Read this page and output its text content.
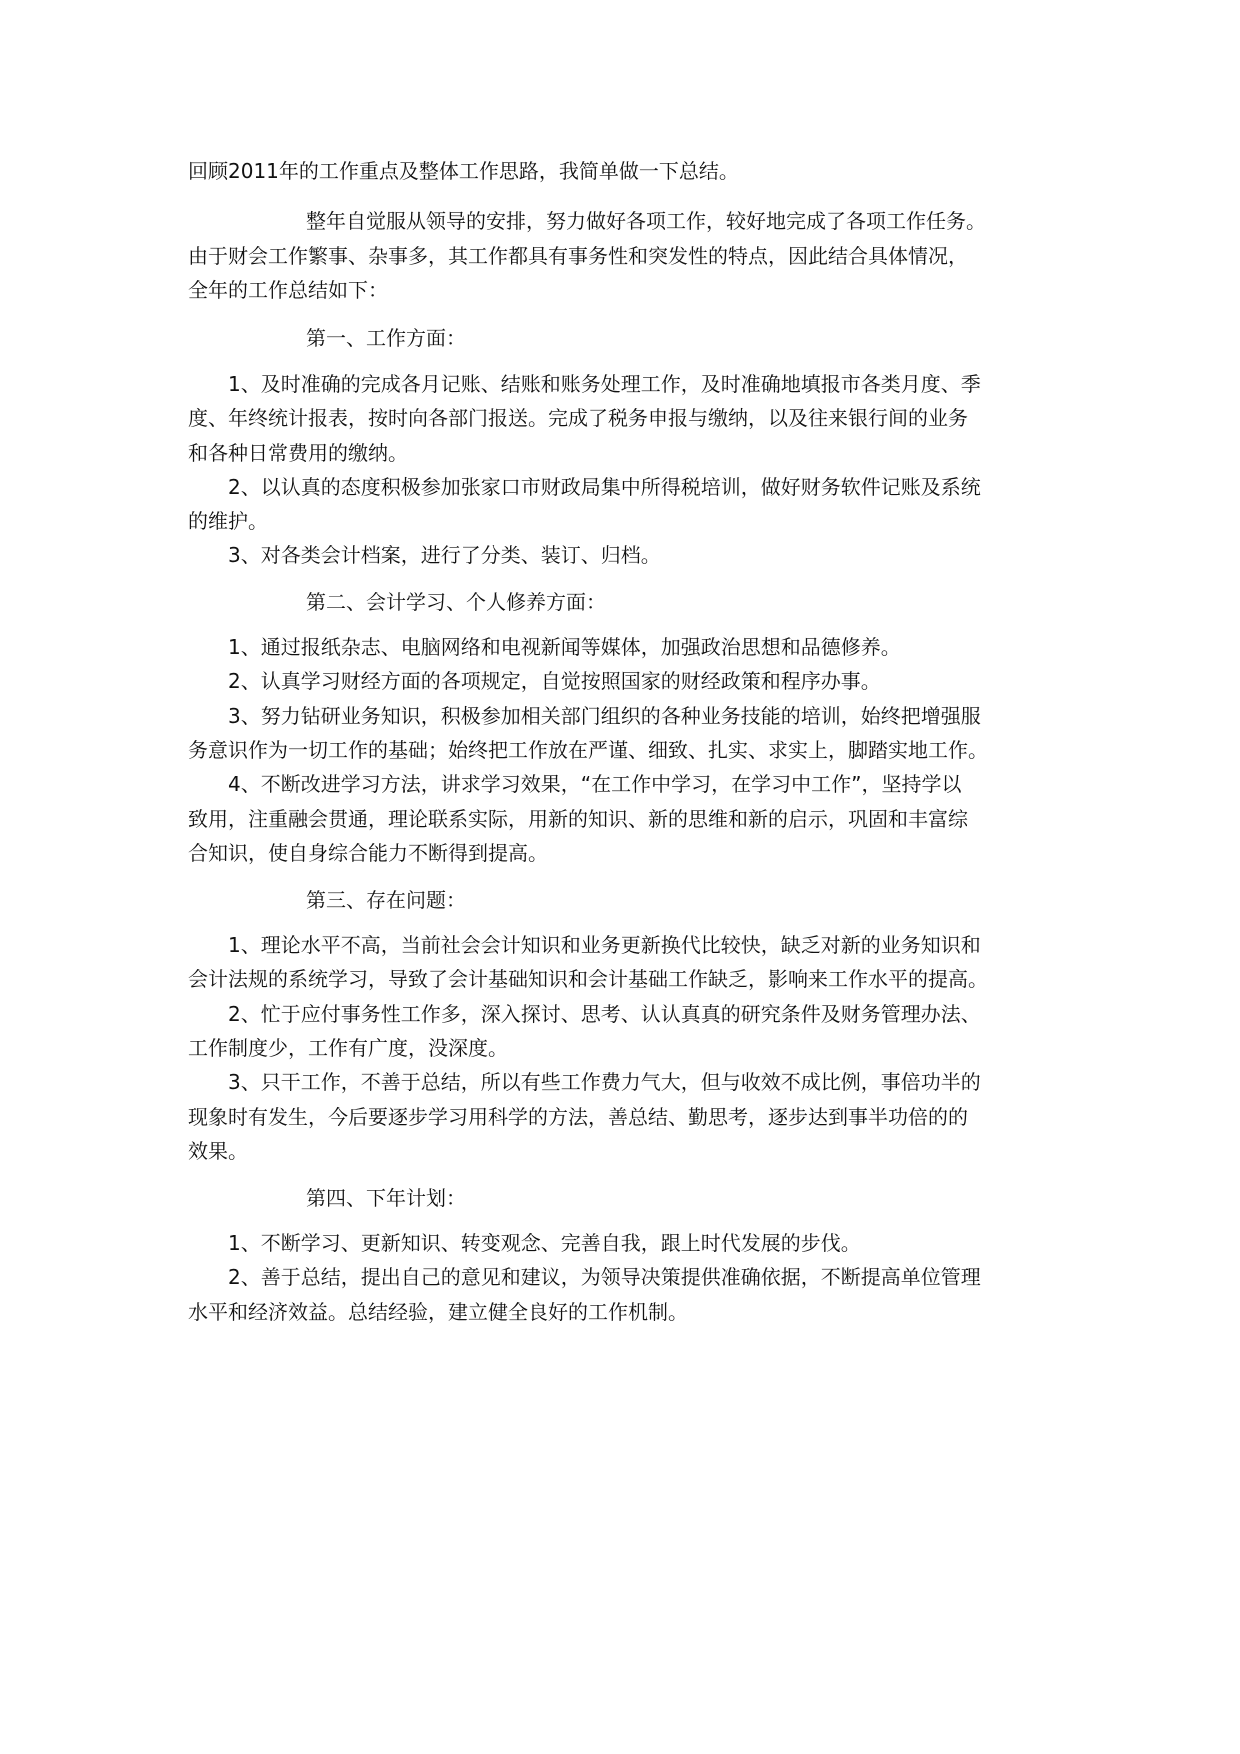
回顾2011年的工作重点及整体工作思路，我简单做一下总结。

整年自觉服从领导的安排，努力做好各项工作，较好地完成了各项工作任务。

由于财会工作繁事、杂事多，其工作都具有事务性和突发性的特点，因此结合具体情况，

全年的工作总结如下：

第一、工作方面：

1、及时准确的完成各月记账、结账和账务处理工作，及时准确地填报市各类月度、季

度、年终统计报表，按时向各部门报送。完成了税务申报与缴纳，以及往来银行间的业务

和各种日常费用的缴纳。

2、以认真的态度积极参加张家口市财政局集中所得税培训，做好财务软件记账及系统

的维护。

3、对各类会计档案，进行了分类、装订、归档。

第二、会计学习、个人修养方面：

1、通过报纸杂志、电脑网络和电视新闻等媒体，加强政治思想和品德修养。

2、认真学习财经方面的各项规定，自觉按照国家的财经政策和程序办事。

3、努力钻研业务知识，积极参加相关部门组织的各种业务技能的培训，始终把增强服

务意识作为一切工作的基础；始终把工作放在严谨、细致、扎实、求实上，脚踏实地工作。

4、不断改进学习方法，讲求学习效果，“在工作中学习，在学习中工作”，坚持学以

致用，注重融会贯通，理论联系实际，用新的知识、新的思维和新的启示，巩固和丰富综

合知识，使自身综合能力不断得到提高。

第三、存在问题：

1、理论水平不高，当前社会会计知识和业务更新换代比较快，缺乏对新的业务知识和

会计法规的系统学习，导致了会计基础知识和会计基础工作缺乏，影响来工作水平的提高。

2、忙于应付事务性工作多，深入探讨、思考、认认真真的研究条件及财务管理办法、

工作制度少，工作有广度，没深度。

3、只干工作，不善于总结，所以有些工作费力气大，但与收效不成比例，事倍功半的

现象时有发生，今后要逐步学习用科学的方法，善总结、勤思考，逐步达到事半功倍的的

效果。

第四、下年计划：

1、不断学习、更新知识、转变观念、完善自我，跟上时代发展的步伐。

2、善于总结，提出自己的意见和建议，为领导决策提供准确依据，不断提高单位管理

水平和经济效益。总结经验，建立健全良好的工作机制。
